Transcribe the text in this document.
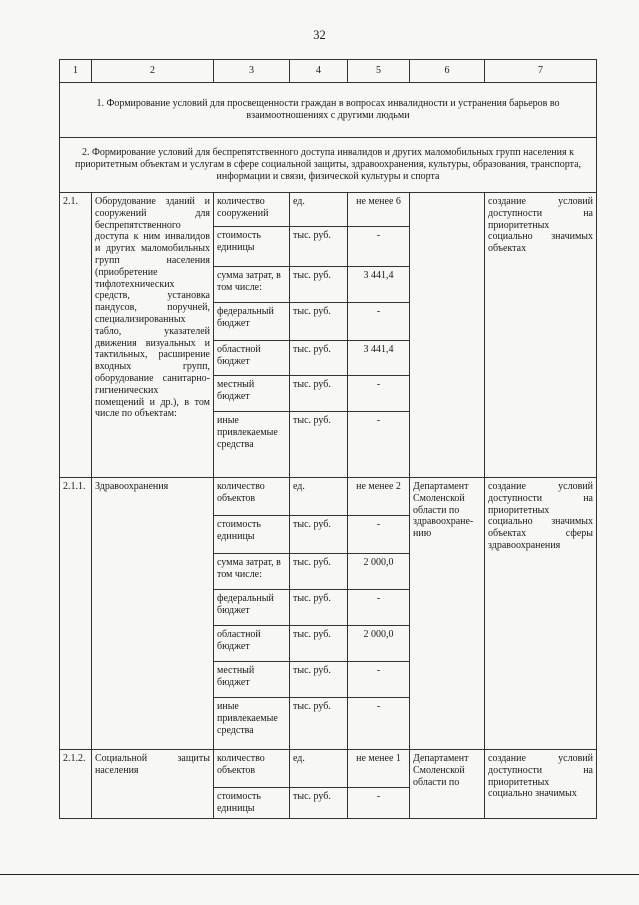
32
1	2	3	4	5	6	7
1. Формирование условий для просвещенности граждан в вопросах инвалидности и устранения барьеров во взаимоотношениях с другими людьми						
2. Формирование условий для беспрепятственного доступа инвалидов и других маломобильных групп населения к приоритетным объектам и услугам в сфере социальной защиты, здравоохранения, культуры, образования, транспорта, информации и связи, физической культуры и спорта						
2.1.	Оборудование зданий и сооружений для беспрепятственного доступа к ним инвалидов и других маломобильных групп населения (приобретение тифлотехнических средств, установка пандусов, поручней, специализированных табло, указателей движения визуальных и тактильных, расширение входных групп, оборудование санитарно-гигиенических помещений и др.), в том числе по объектам:	количество сооружений	ед.	не менее 6		создание условий доступности на приоритетных социально значимых объектах
		стоимость единицы	тыс. руб.	-		
		сумма затрат, в том числе:	тыс. руб.	3 441,4		
		федеральный бюджет	тыс. руб.	-		
		областной бюджет	тыс. руб.	3 441,4		
		местный бюджет	тыс. руб.	-		
		иные привлекаемые средства	тыс. руб.	-		
2.1.1.	Здравоохранения	количество объектов	ед.	не менее 2	Департамент Смоленской области по здравоохране-нию	создание условий доступности на приоритетных социально значимых объектах сферы здравоохранения
		стоимость единицы	тыс. руб.	-		
		сумма затрат, в том числе:	тыс. руб.	2 000,0		
		федеральный бюджет	тыс. руб.	-		
		областной бюджет	тыс. руб.	2 000,0		
		местный бюджет	тыс. руб.	-		
		иные привлекаемые средства	тыс. руб.	-		
2.1.2.	Социальной защиты населения	количество объектов	ед.	не менее 1	Департамент Смоленской области по	создание условий доступности на приоритетных социально значимых
		стоимость единицы	тыс. руб.	-		
